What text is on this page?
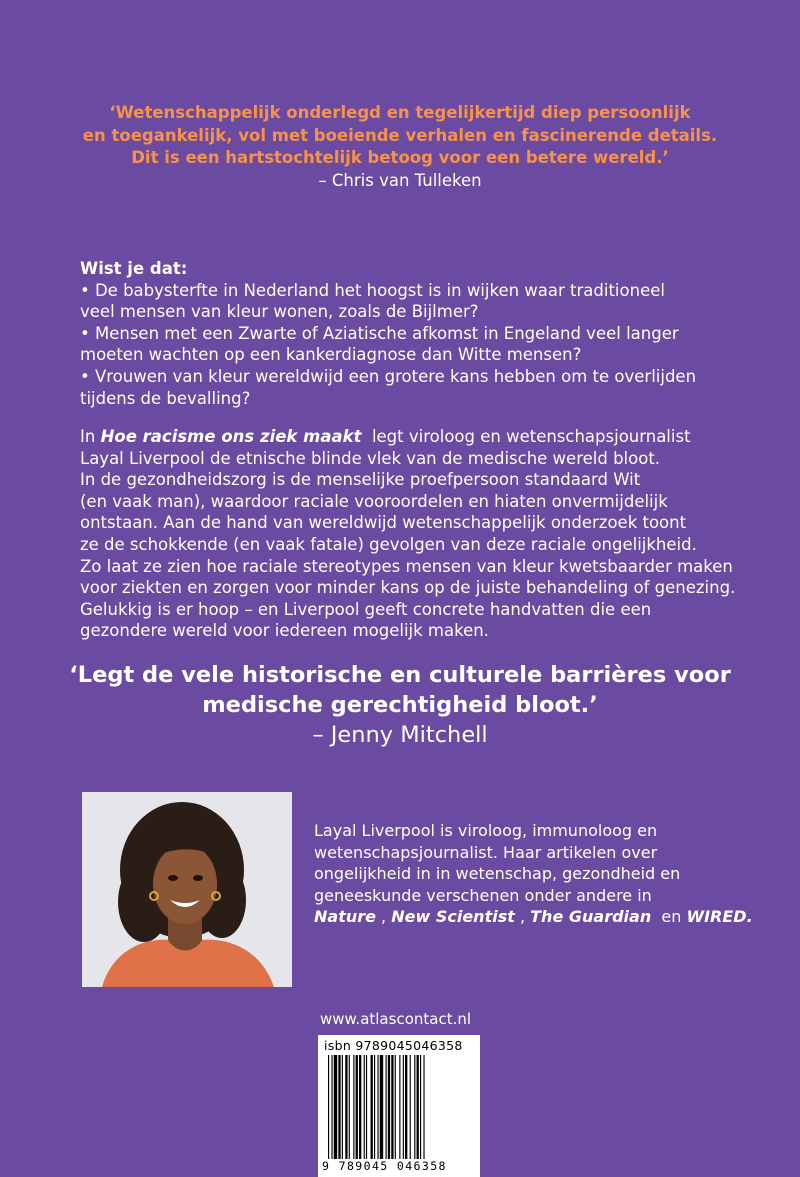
‘Wetenschappelijk onderlegd en tegelijkertijd diep persoonlijk
en toegankelijk, vol met boeiende verhalen en fascinerende details.
Dit is een hartstochtelijk betoog voor een betere wereld.’
– Chris van Tulleken
Wist je dat:
• De babysterfte in Nederland het hoogst is in wijken waar traditioneel
veel mensen van kleur wonen, zoals de Bijlmer?
• Mensen met een Zwarte of Aziatische afkomst in Engeland veel langer
moeten wachten op een kankerdiagnose dan Witte mensen?
• Vrouwen van kleur wereldwijd een grotere kans hebben om te overlijden
tijdens de bevalling?
In Hoe racisme ons ziek maakt  legt viroloog en wetenschapsjournalist
Layal Liverpool de etnische blinde vlek van de medische wereld bloot.
In de gezondheidszorg is de menselijke proefpersoon standaard Wit
(en vaak man), waardoor raciale vooroordelen en hiaten onvermijdelijk
ontstaan. Aan de hand van wereldwijd wetenschappelijk onderzoek toont
ze de schokkende (en vaak fatale) gevolgen van deze raciale ongelijkheid.
Zo laat ze zien hoe raciale stereotypes mensen van kleur kwetsbaarder maken
voor ziekten en zorgen voor minder kans op de juiste behandeling of genezing.
Gelukkig is er hoop – en Liverpool geeft concrete handvatten die een
gezondere wereld voor iedereen mogelijk maken.
‘Legt de vele historische en culturele barrières voor
medische gerechtigheid bloot.’
– Jenny Mitchell
Layal Liverpool is viroloog, immunoloog en
wetenschapsjournalist. Haar artikelen over
ongelijkheid in in wetenschap, gezondheid en
geneeskunde verschenen onder andere in
Nature , New Scientist , The Guardian  en WIRED.
www.atlascontact.nl
isbn 9789045046358
9 789045 046358
